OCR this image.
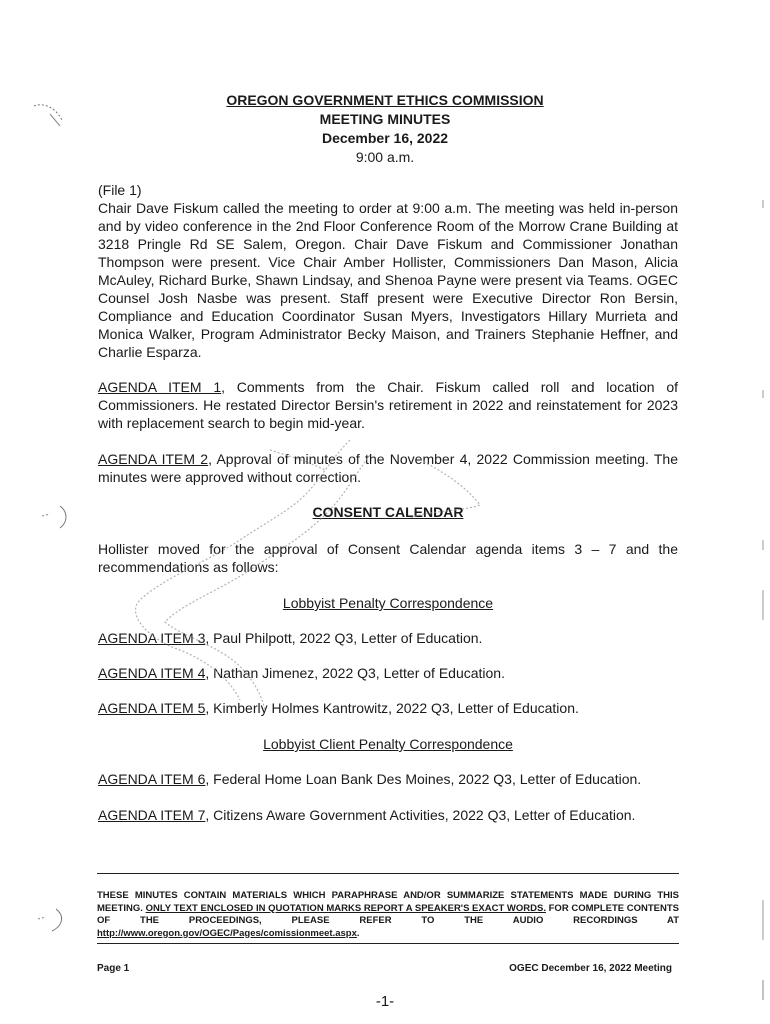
OREGON GOVERNMENT ETHICS COMMISSION
MEETING MINUTES
December 16, 2022
9:00 a.m.
(File 1)
Chair Dave Fiskum called the meeting to order at 9:00 a.m. The meeting was held in-person and by video conference in the 2nd Floor Conference Room of the Morrow Crane Building at 3218 Pringle Rd SE Salem, Oregon. Chair Dave Fiskum and Commissioner Jonathan Thompson were present. Vice Chair Amber Hollister, Commissioners Dan Mason, Alicia McAuley, Richard Burke, Shawn Lindsay, and Shenoa Payne were present via Teams. OGEC Counsel Josh Nasbe was present. Staff present were Executive Director Ron Bersin, Compliance and Education Coordinator Susan Myers, Investigators Hillary Murrieta and Monica Walker, Program Administrator Becky Maison, and Trainers Stephanie Heffner, and Charlie Esparza.
AGENDA ITEM 1, Comments from the Chair. Fiskum called roll and location of Commissioners. He restated Director Bersin's retirement in 2022 and reinstatement for 2023 with replacement search to begin mid-year.
AGENDA ITEM 2, Approval of minutes of the November 4, 2022 Commission meeting. The minutes were approved without correction.
CONSENT CALENDAR
Hollister moved for the approval of Consent Calendar agenda items 3 – 7 and the recommendations as follows:
Lobbyist Penalty Correspondence
AGENDA ITEM 3, Paul Philpott, 2022 Q3, Letter of Education.
AGENDA ITEM 4, Nathan Jimenez, 2022 Q3, Letter of Education.
AGENDA ITEM 5, Kimberly Holmes Kantrowitz, 2022 Q3, Letter of Education.
Lobbyist Client Penalty Correspondence
AGENDA ITEM 6, Federal Home Loan Bank Des Moines, 2022 Q3, Letter of Education.
AGENDA ITEM 7, Citizens Aware Government Activities, 2022 Q3, Letter of Education.
THESE MINUTES CONTAIN MATERIALS WHICH PARAPHRASE AND/OR SUMMARIZE STATEMENTS MADE DURING THIS MEETING. ONLY TEXT ENCLOSED IN QUOTATION MARKS REPORT A SPEAKER'S EXACT WORDS. FOR COMPLETE CONTENTS OF THE PROCEEDINGS, PLEASE REFER TO THE AUDIO RECORDINGS AT http://www.oregon.gov/OGEC/Pages/comissionmeet.aspx.
Page 1	OGEC December 16, 2022 Meeting
-1-
